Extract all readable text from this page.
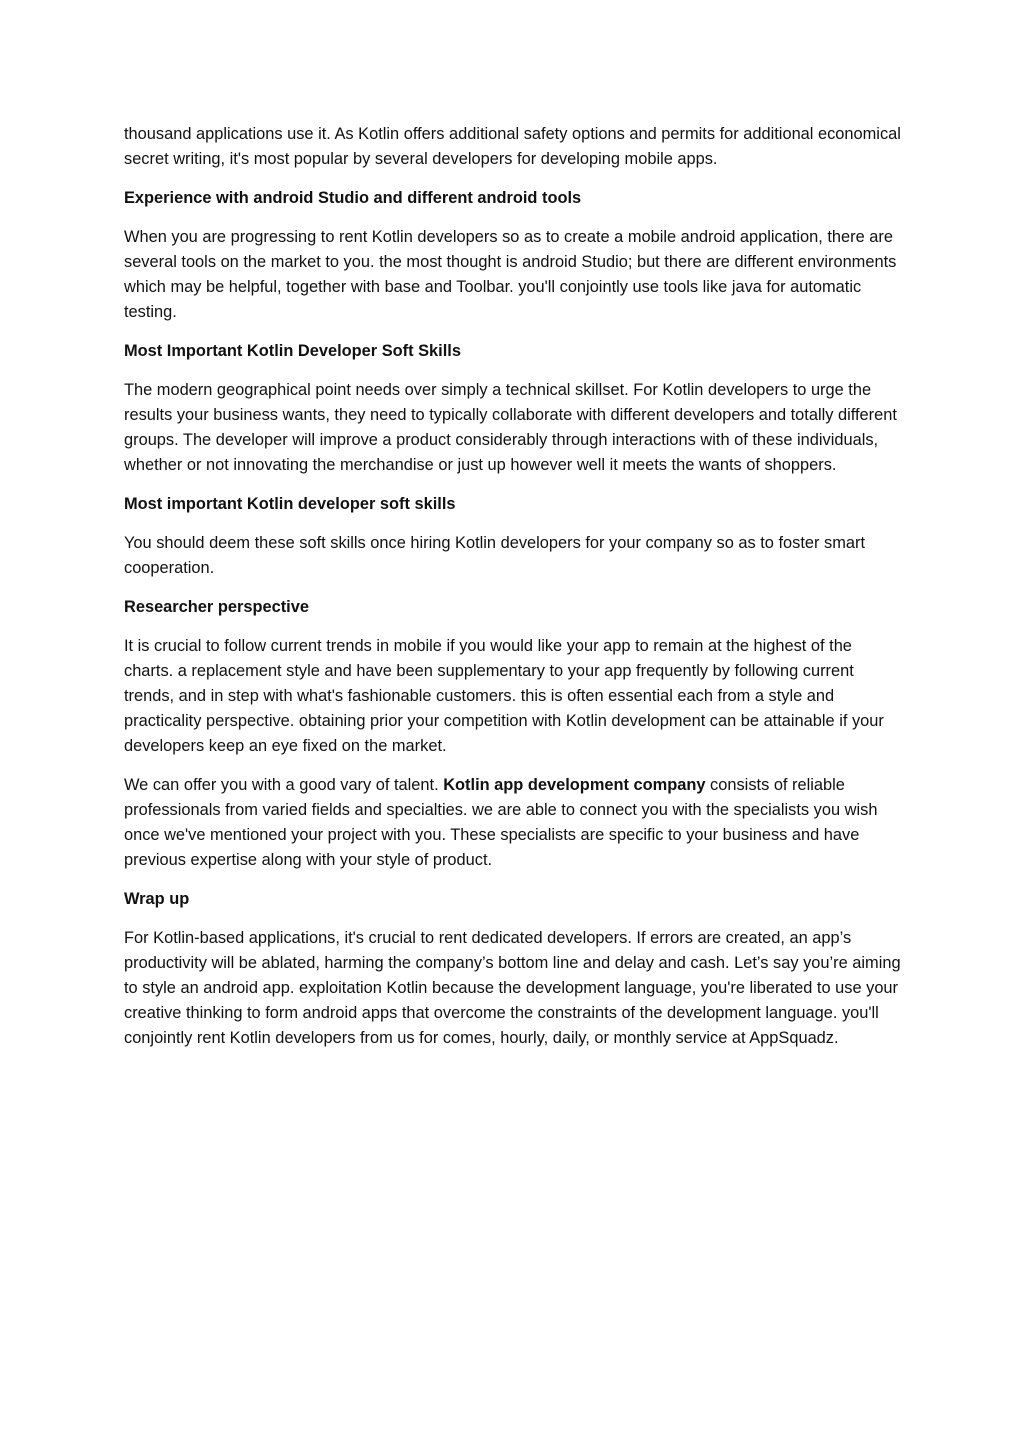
thousand applications use it. As Kotlin offers additional safety options and permits for additional economical secret writing, it's most popular by several developers for developing mobile apps.

Experience with android Studio and different android tools

When you are progressing to rent Kotlin developers so as to create a mobile android application, there are several tools on the market to you. the most thought is android Studio; but there are different environments which may be helpful, together with base and Toolbar. you'll conjointly use tools like java for automatic testing.

Most Important Kotlin Developer Soft Skills

The modern geographical point needs over simply a technical skillset. For Kotlin developers to urge the results your business wants, they need to typically collaborate with different developers and totally different groups. The developer will improve a product considerably through interactions with of these individuals, whether or not innovating the merchandise or just up however well it meets the wants of shoppers.

Most important Kotlin developer soft skills

You should deem these soft skills once hiring Kotlin developers for your company so as to foster smart cooperation.

Researcher perspective

It is crucial to follow current trends in mobile if you would like your app to remain at the highest of the charts. a replacement style and have been supplementary to your app frequently by following current trends, and in step with what's fashionable customers. this is often essential each from a style and practicality perspective. obtaining prior your competition with Kotlin development can be attainable if your developers keep an eye fixed on the market.

We can offer you with a good vary of talent. Kotlin app development company consists of reliable professionals from varied fields and specialties. we are able to connect you with the specialists you wish once we've mentioned your project with you. These specialists are specific to your business and have previous expertise along with your style of product.

Wrap up

For Kotlin-based applications, it's crucial to rent dedicated developers. If errors are created, an app’s productivity will be ablated, harming the company’s bottom line and delay and cash. Let’s say you’re aiming to style an android app. exploitation Kotlin because the development language, you're liberated to use your creative thinking to form android apps that overcome the constraints of the development language. you'll conjointly rent Kotlin developers from us for comes, hourly, daily, or monthly service at AppSquadz.
